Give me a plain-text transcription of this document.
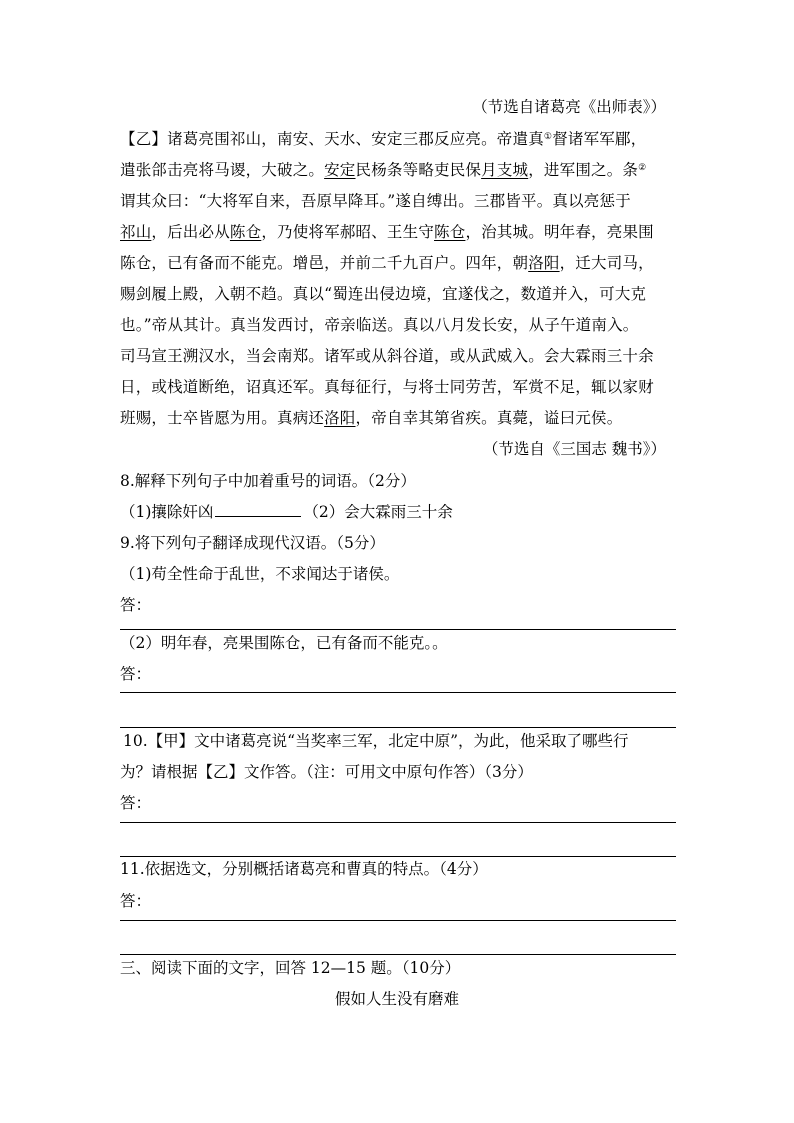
（节选自诸葛亮《出师表》）
【乙】诸葛亮围祁山，南安、天水、安定三郡反应亮。帝遣真①督诸军军郿，
遣张郃击亮将马谡，大破之。安定民杨条等略吏民保月支城，进军围之。条②
谓其众曰：“大将军自来，吾原早降耳。”遂自缚出。三郡皆平。真以亮惩于
祁山，后出必从陈仓，乃使将军郝昭、王生守陈仓，治其城。明年春，亮果围
陈仓，已有备而不能克。增邑，并前二千九百户。四年，朝洛阳，迁大司马，
赐剑履上殿，入朝不趋。真以“蜀连出侵边境，宜遂伐之，数道并入，可大克
也。”帝从其计。真当发西讨，帝亲临送。真以八月发长安，从子午道南入。
司马宣王溯汉水，当会南郑。诸军或从斜谷道，或从武威入。会大霖雨三十余
日，或栈道断绝，诏真还军。真每征行，与将士同劳苦，军赏不足，辄以家财
班赐，士卒皆愿为用。真病还洛阳，帝自幸其第省疾。真薨，谥曰元侯。
（节选自《三国志 魏书》）
8.解释下列句子中加着重号的词语。（2分）
（1)攘除奸凶	（2）会大霖雨三十余
9.将下列句子翻译成现代汉语。（5分）
（1)苟全性命于乱世，不求闻达于诸侯。
答：
（2）明年春，亮果围陈仓，已有备而不能克。。
答：
10.【甲】文中诸葛亮说“当奖率三军，北定中原”，为此，他采取了哪些行
为？请根据【乙】文作答。（注：可用文中原句作答）（3分）
答：
11.依据选文，分别概括诸葛亮和曹真的特点。（4分）
答：
三、阅读下面的文字，回答 12—15 题。（10分）
假如人生没有磨难
